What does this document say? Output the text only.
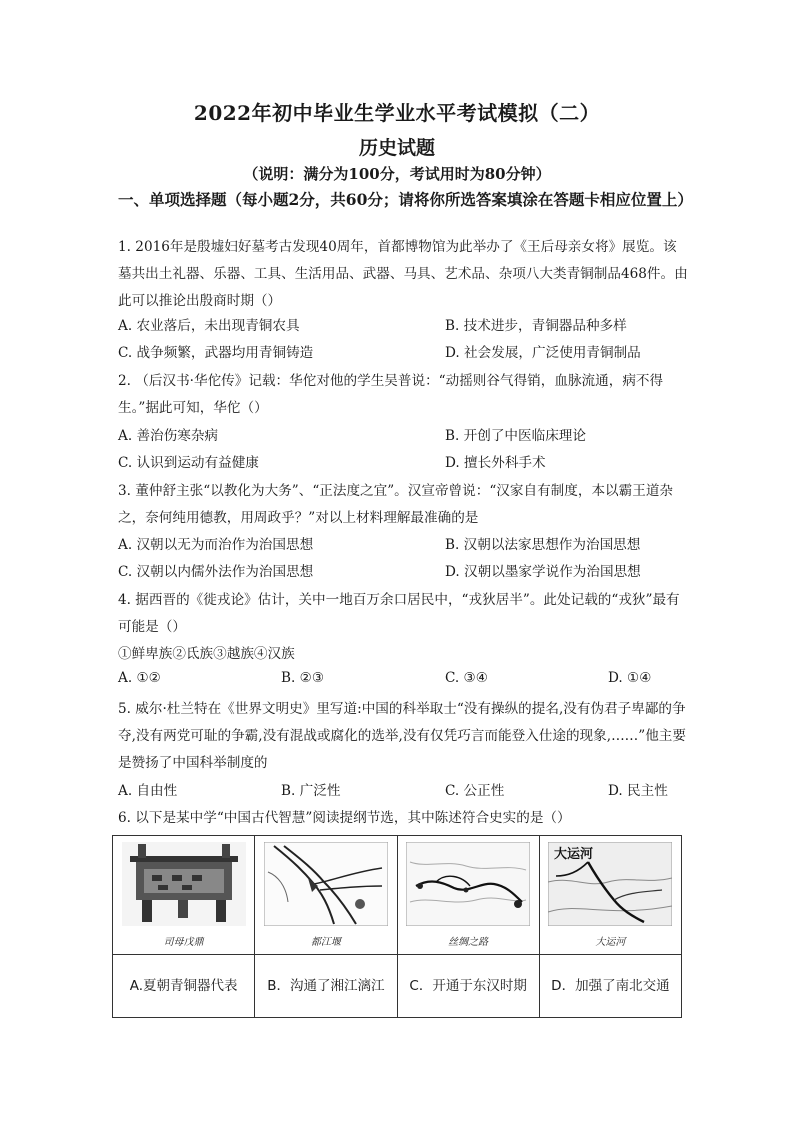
2022年初中毕业生学业水平考试模拟（二）
历史试题
（说明：满分为100分，考试用时为80分钟）
一、单项选择题（每小题2分，共60分；请将你所选答案填涂在答题卡相应位置上）
1. 2016年是殷墟妇好墓考古发现40周年，首都博物馆为此举办了《王后母亲女将》展览。该墓共出土礼器、乐器、工具、生活用品、武器、马具、艺术品、杂项八大类青铜制品468件。由此可以推论出殷商时期（）
A. 农业落后，未出现青铜农具	B. 技术进步，青铜器品种多样
C. 战争频繁，武器均用青铜铸造	D. 社会发展，广泛使用青铜制品
2. （后汉书·华佗传》记载：华佗对他的学生吴普说：“动摇则谷气得销，血脉流通，病不得生。”据此可知，华佗（）
A. 善治伤寒杂病	B. 开创了中医临床理论
C. 认识到运动有益健康	D. 擅长外科手术
3. 董仲舒主张“以教化为大务”、“正法度之宜”。汉宣帝曾说：“汉家自有制度，本以霸王道杂之，奈何纯用德教，用周政乎？”对以上材料理解最准确的是
A. 汉朝以无为而治作为治国思想	B. 汉朝以法家思想作为治国思想
C. 汉朝以内儒外法作为治国思想	D. 汉朝以墨家学说作为治国思想
4. 据西晋的《徙戎论》估计，关中一地百万余口居民中，“戎狄居半”。此处记载的“戎狄”最有可能是（）
①鲜卑族②氐族③越族④汉族
A. ①②	B. ②③	C. ③④	D. ①④
5. 威尔·杜兰特在《世界文明史》里写道:中国的科举取士“没有操纵的提名,没有伪君子卑鄙的争夺,没有两党可耻的争霸,没有混战或腐化的选举,没有仅凭巧言而能登入仕途的现象,……”他主要是赞扬了中国科举制度的
A. 自由性	B. 广泛性	C. 公正性	D. 民主性
6. 以下是某中学“中国古代智慧”阅读提纲节选，其中陈述符合史实的是（）
司母戊鼎	都江堰	丝绸之路	大运河
大运河

A.夏朝青铜器代表	B．沟通了湘江漓江	C．开通于东汉时期	D．加强了南北交通
